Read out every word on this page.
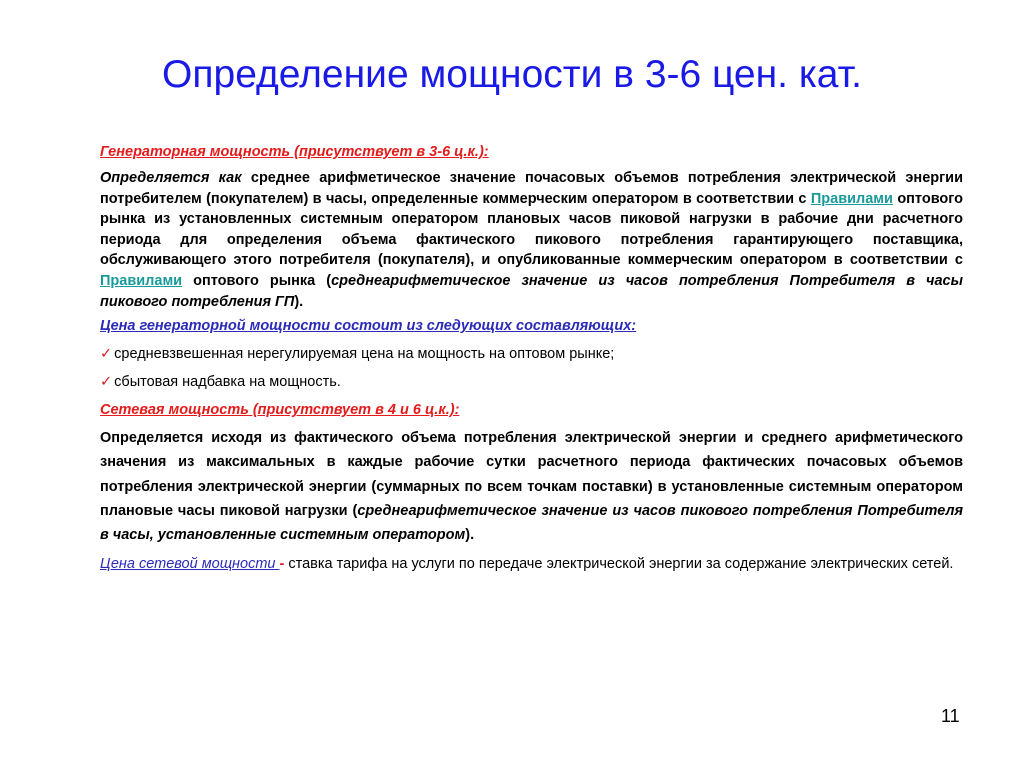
Определение мощности в 3-6 цен. кат.
Генераторная мощность (присутствует в 3-6 ц.к.):
Определяется как среднее арифметическое значение почасовых объемов потребления электрической энергии потребителем (покупателем) в часы, определенные коммерческим оператором в соответствии с Правилами оптового рынка из установленных системным оператором плановых часов пиковой нагрузки в рабочие дни расчетного периода для определения объема фактического пикового потребления гарантирующего поставщика, обслуживающего этого потребителя (покупателя), и опубликованные коммерческим оператором в соответствии с Правилами оптового рынка (среднеарифметическое значение из часов потребления Потребителя в часы пикового потребления ГП).
Цена генераторной мощности состоит из следующих составляющих:
✓ средневзвешенная нерегулируемая цена на мощность на оптовом рынке;
✓ сбытовая надбавка на мощность.
Сетевая мощность (присутствует в 4 и 6 ц.к.):
Определяется исходя из фактического объема потребления электрической энергии и среднего арифметического значения из максимальных в каждые рабочие сутки расчетного периода фактических почасовых объемов потребления электрической энергии (суммарных по всем точкам поставки) в установленные системным оператором плановые часы пиковой нагрузки (среднеарифметическое значение из часов пикового потребления Потребителя в часы, установленные системным оператором).
Цена сетевой мощности - ставка тарифа на услуги по передаче электрической энергии за содержание электрических сетей.
11
